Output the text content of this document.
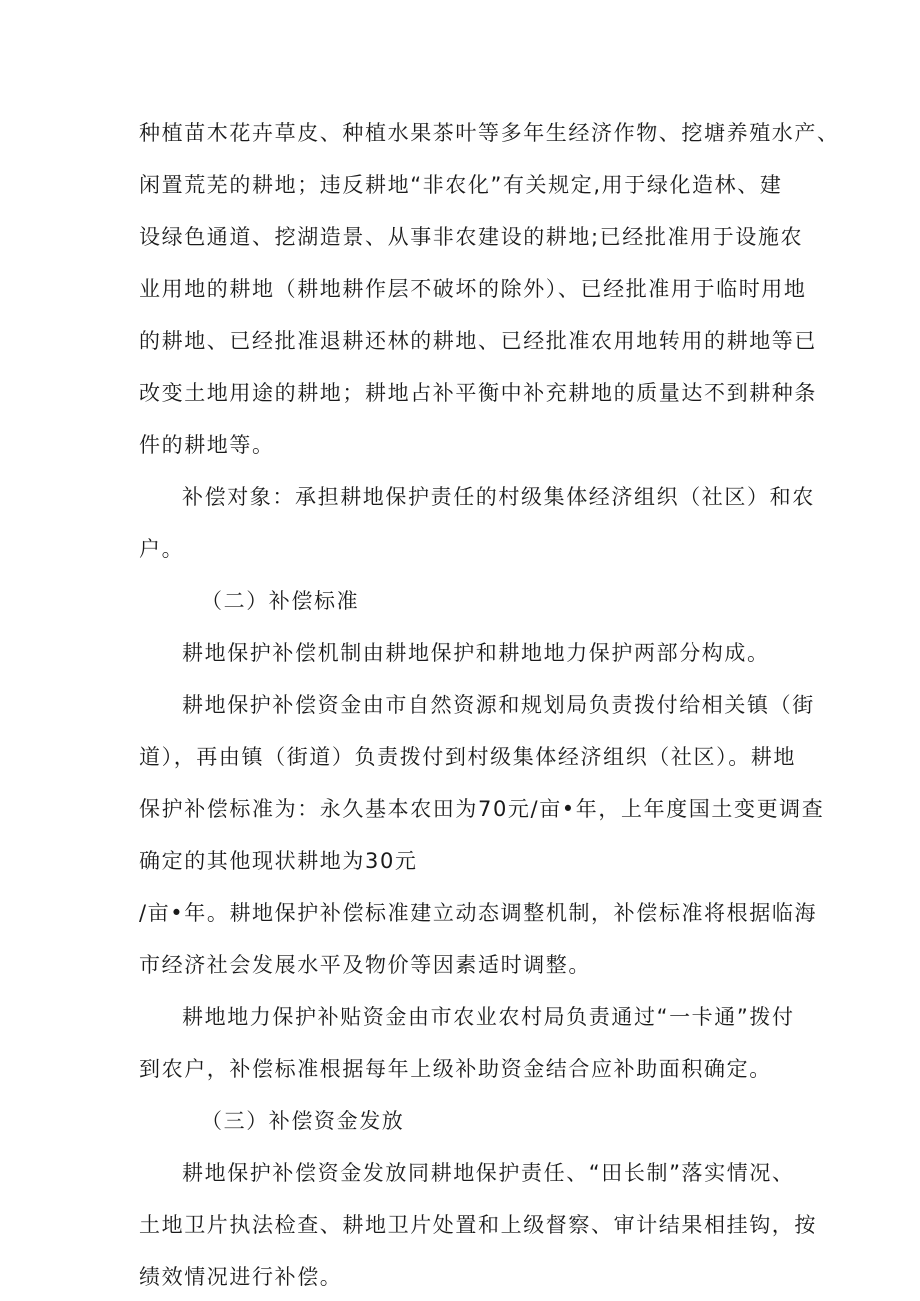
种植苗木花卉草皮、种植水果茶叶等多年生经济作物、挖塘养殖水产、
闲置荒芜的耕地；违反耕地“非农化”有关规定,用于绿化造林、建
设绿色通道、挖湖造景、从事非农建设的耕地;已经批准用于设施农
业用地的耕地（耕地耕作层不破坏的除外）、已经批准用于临时用地
的耕地、已经批准退耕还林的耕地、已经批准农用地转用的耕地等已
改变土地用途的耕地；耕地占补平衡中补充耕地的质量达不到耕种条
件的耕地等。
补偿对象：承担耕地保护责任的村级集体经济组织（社区）和农
户。
（二）补偿标准
耕地保护补偿机制由耕地保护和耕地地力保护两部分构成。
耕地保护补偿资金由市自然资源和规划局负责拨付给相关镇（街
道），再由镇（街道）负责拨付到村级集体经济组织（社区）。耕地
保护补偿标准为：永久基本农田为70元/亩•年，上年度国土变更调查
确定的其他现状耕地为30元
/亩•年。耕地保护补偿标准建立动态调整机制，补偿标准将根据临海
市经济社会发展水平及物价等因素适时调整。
耕地地力保护补贴资金由市农业农村局负责通过“一卡通”拨付
到农户，补偿标准根据每年上级补助资金结合应补助面积确定。
（三）补偿资金发放
耕地保护补偿资金发放同耕地保护责任、“田长制”落实情况、
土地卫片执法检查、耕地卫片处置和上级督察、审计结果相挂钩，按
绩效情况进行补偿。
